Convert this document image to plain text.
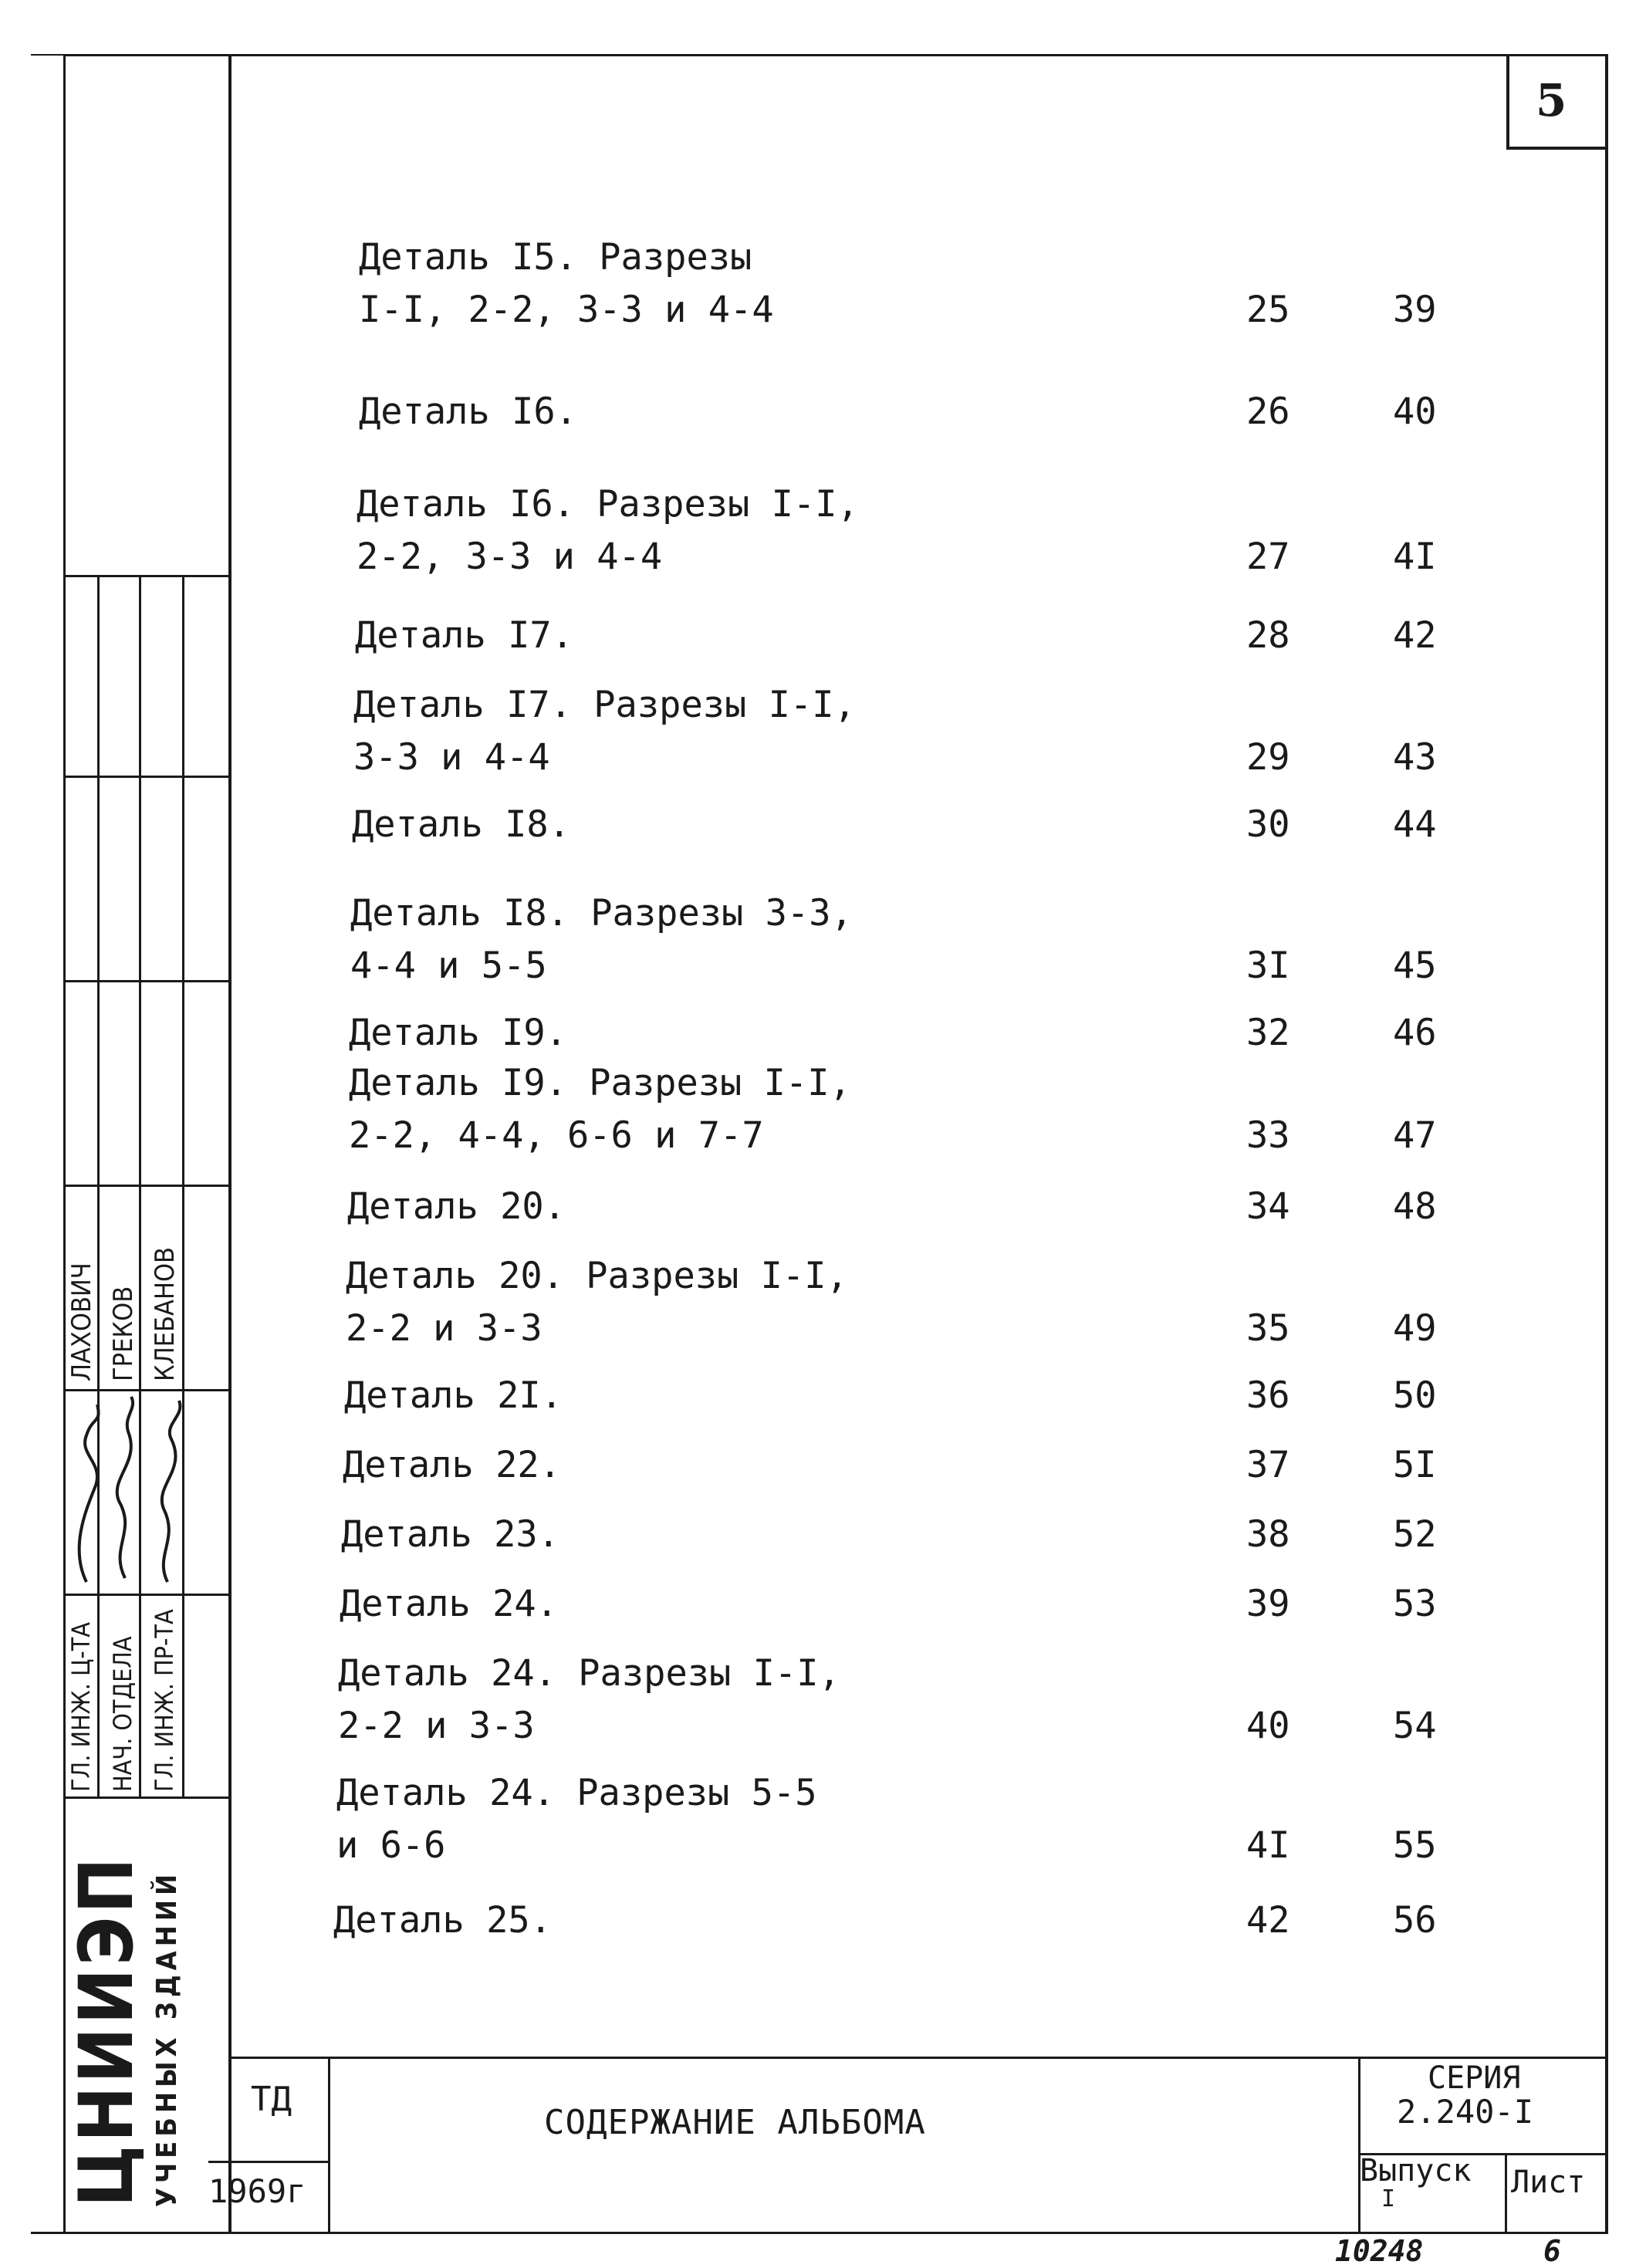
5
ГЛ. ИНЖ. Ц-ТА НАЧ. ОТДЕЛА ГЛ. ИНЖ. ПР-ТА
ЛАХОВИЧ ГРЕКОВ КЛЕБАНОВ
ЦНИИЭП УЧЕБНЫХ ЗДАНИЙ
Деталь I5. Разрезы
I-I, 2-2, 3-3 и 4-4	25	39
Деталь I6.	26	40
Деталь I6. Разрезы I-I,
2-2, 3-3 и 4-4	27	4I
Деталь I7.	28	42
Деталь I7. Разрезы I-I,
3-3 и 4-4	29	43
Деталь I8.	30	44
Деталь I8. Разрезы 3-3,
4-4 и 5-5	3I	45
Деталь I9.	32	46
Деталь I9. Разрезы I-I,
2-2, 4-4, 6-6 и 7-7	33	47
Деталь 20.	34	48
Деталь 20. Разрезы I-I,
2-2 и 3-3	35	49
Деталь 2I.	36	50
Деталь 22.	37	5I
Деталь 23.	38	52
Деталь 24.	39	53
Деталь 24. Разрезы I-I,
2-2 и 3-3	40	54
Деталь 24. Разрезы 5-5
и 6-6	4I	55
Деталь 25.	42	56
ТД
1969г
СОДЕРЖАНИЕ АЛЬБОМА
СЕРИЯ
2.240-I
Выпуск
I	Лист
10248	6
